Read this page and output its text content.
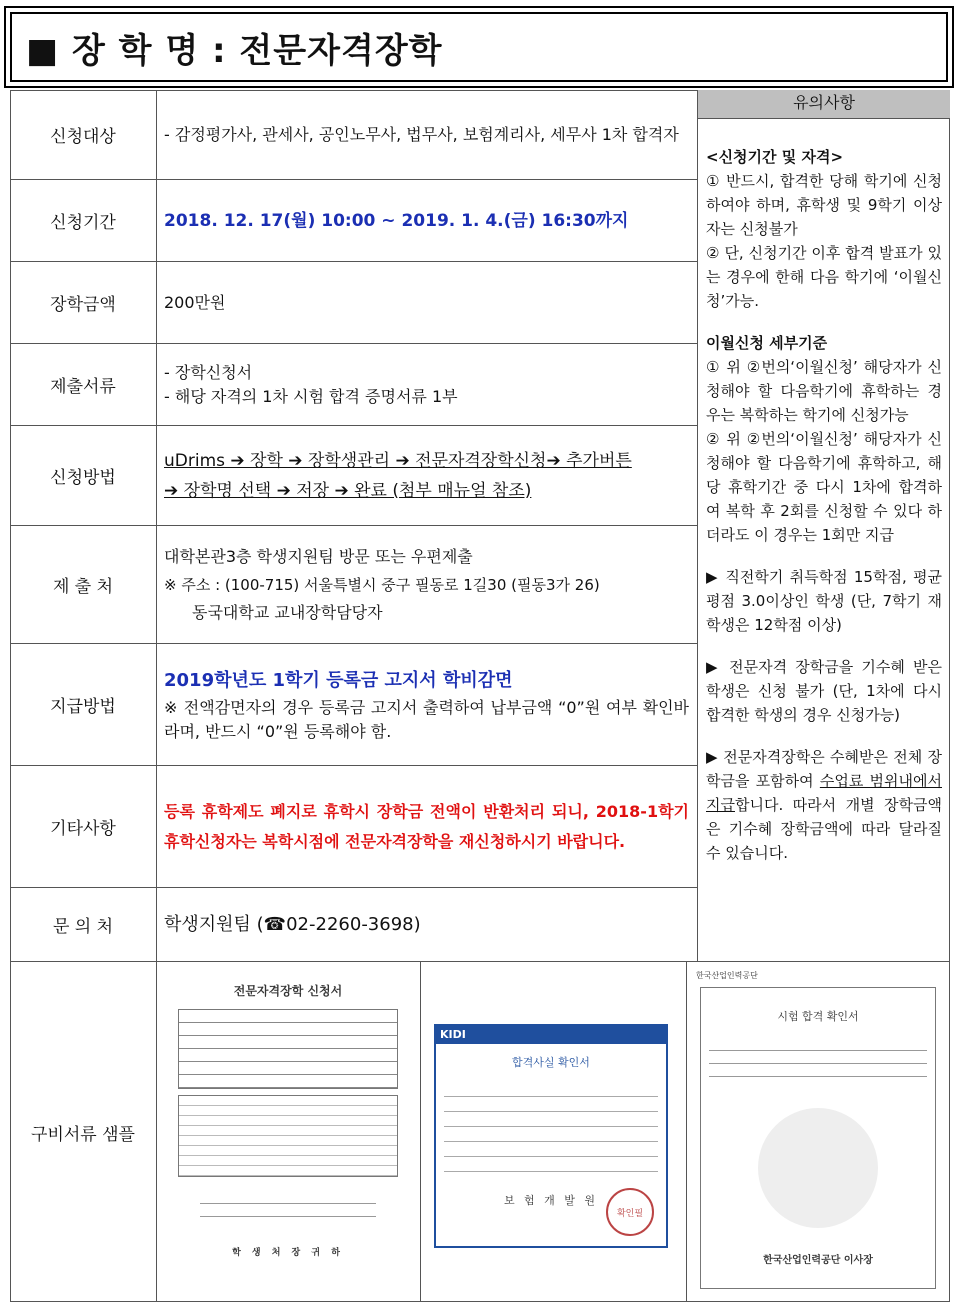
■ 장 학 명 : 전문자격장학
신청대상	- 감정평가사, 관세사, 공인노무사, 법무사, 보험계리사, 세무사 1차 합격자
신청기간	2018. 12. 17(월) 10:00 ~ 2019. 1. 4.(금) 16:30까지
장학금액	200만원
제출서류
- 장학신청서
- 해당 자격의 1차 시험 합격 증명서류 1부
신청방법
uDrims ➔ 장학 ➔ 장학생관리 ➔ 전문자격장학신청➔ 추가버튼
➔ 장학명 선택 ➔ 저장 ➔ 완료 (첨부 매뉴얼 참조)
제 출 처
대학본관3층 학생지원팀 방문 또는 우편제출
※ 주소 : (100-715) 서울특별시 중구 필동로 1길30 (필동3가 26)
동국대학교 교내장학담당자
지급방법
2019학년도 1학기 등록금 고지서 학비감면
※ 전액감면자의 경우 등록금 고지서 출력하여 납부금액 “0”원 여부 확인바라며, 반드시 “0”원 등록해야 함.
기타사항
등록 휴학제도 폐지로 휴학시 장학금 전액이 반환처리 되니, 2018-1학기 휴학신청자는 복학시점에 전문자격장학을 재신청하시기 바랍니다.
문 의 처	학생지원팀 (☎02-2260-3698)
유의사항

<신청기간 및 자격>

① 반드시, 합격한 당해 학기에 신청하여야 하며, 휴학생 및 9학기 이상자는 신청불가

② 단, 신청기간 이후 합격 발표가 있는 경우에 한해 다음 학기에 ‘이월신청’가능.

이월신청 세부기준

① 위 ②번의‘이월신청’ 해당자가 신청해야 할 다음학기에 휴학하는 경우는 복학하는 학기에 신청가능

② 위 ②번의‘이월신청’ 해당자가 신청해야 할 다음학기에 휴학하고, 해당 휴학기간 중 다시 1차에 합격하여 복학 후 2회를 신청할 수 있다 하더라도 이 경우는 1회만 지급

▶ 직전학기 취득학점 15학점, 평균평점 3.0이상인 학생 (단, 7학기 재학생은 12학점 이상)

▶ 전문자격 장학금을 기수혜 받은 학생은 신청 불가 (단, 1차에 다시 합격한 학생의 경우 신청가능)

▶ 전문자격장학은 수혜받은 전체 장학금을 포함하여 수업료 범위내에서 지급합니다. 따라서 개별 장학금액은 기수혜 장학금액에 따라 달라질 수 있습니다.

구비서류 샘플
전문자격장학 신청서
학 생 처 장 귀 하
KIDI
합격사실 확인서
보 험 개 발 원
확인필
한국산업인력공단
시험 합격 확인서
한국산업인력공단 이사장
